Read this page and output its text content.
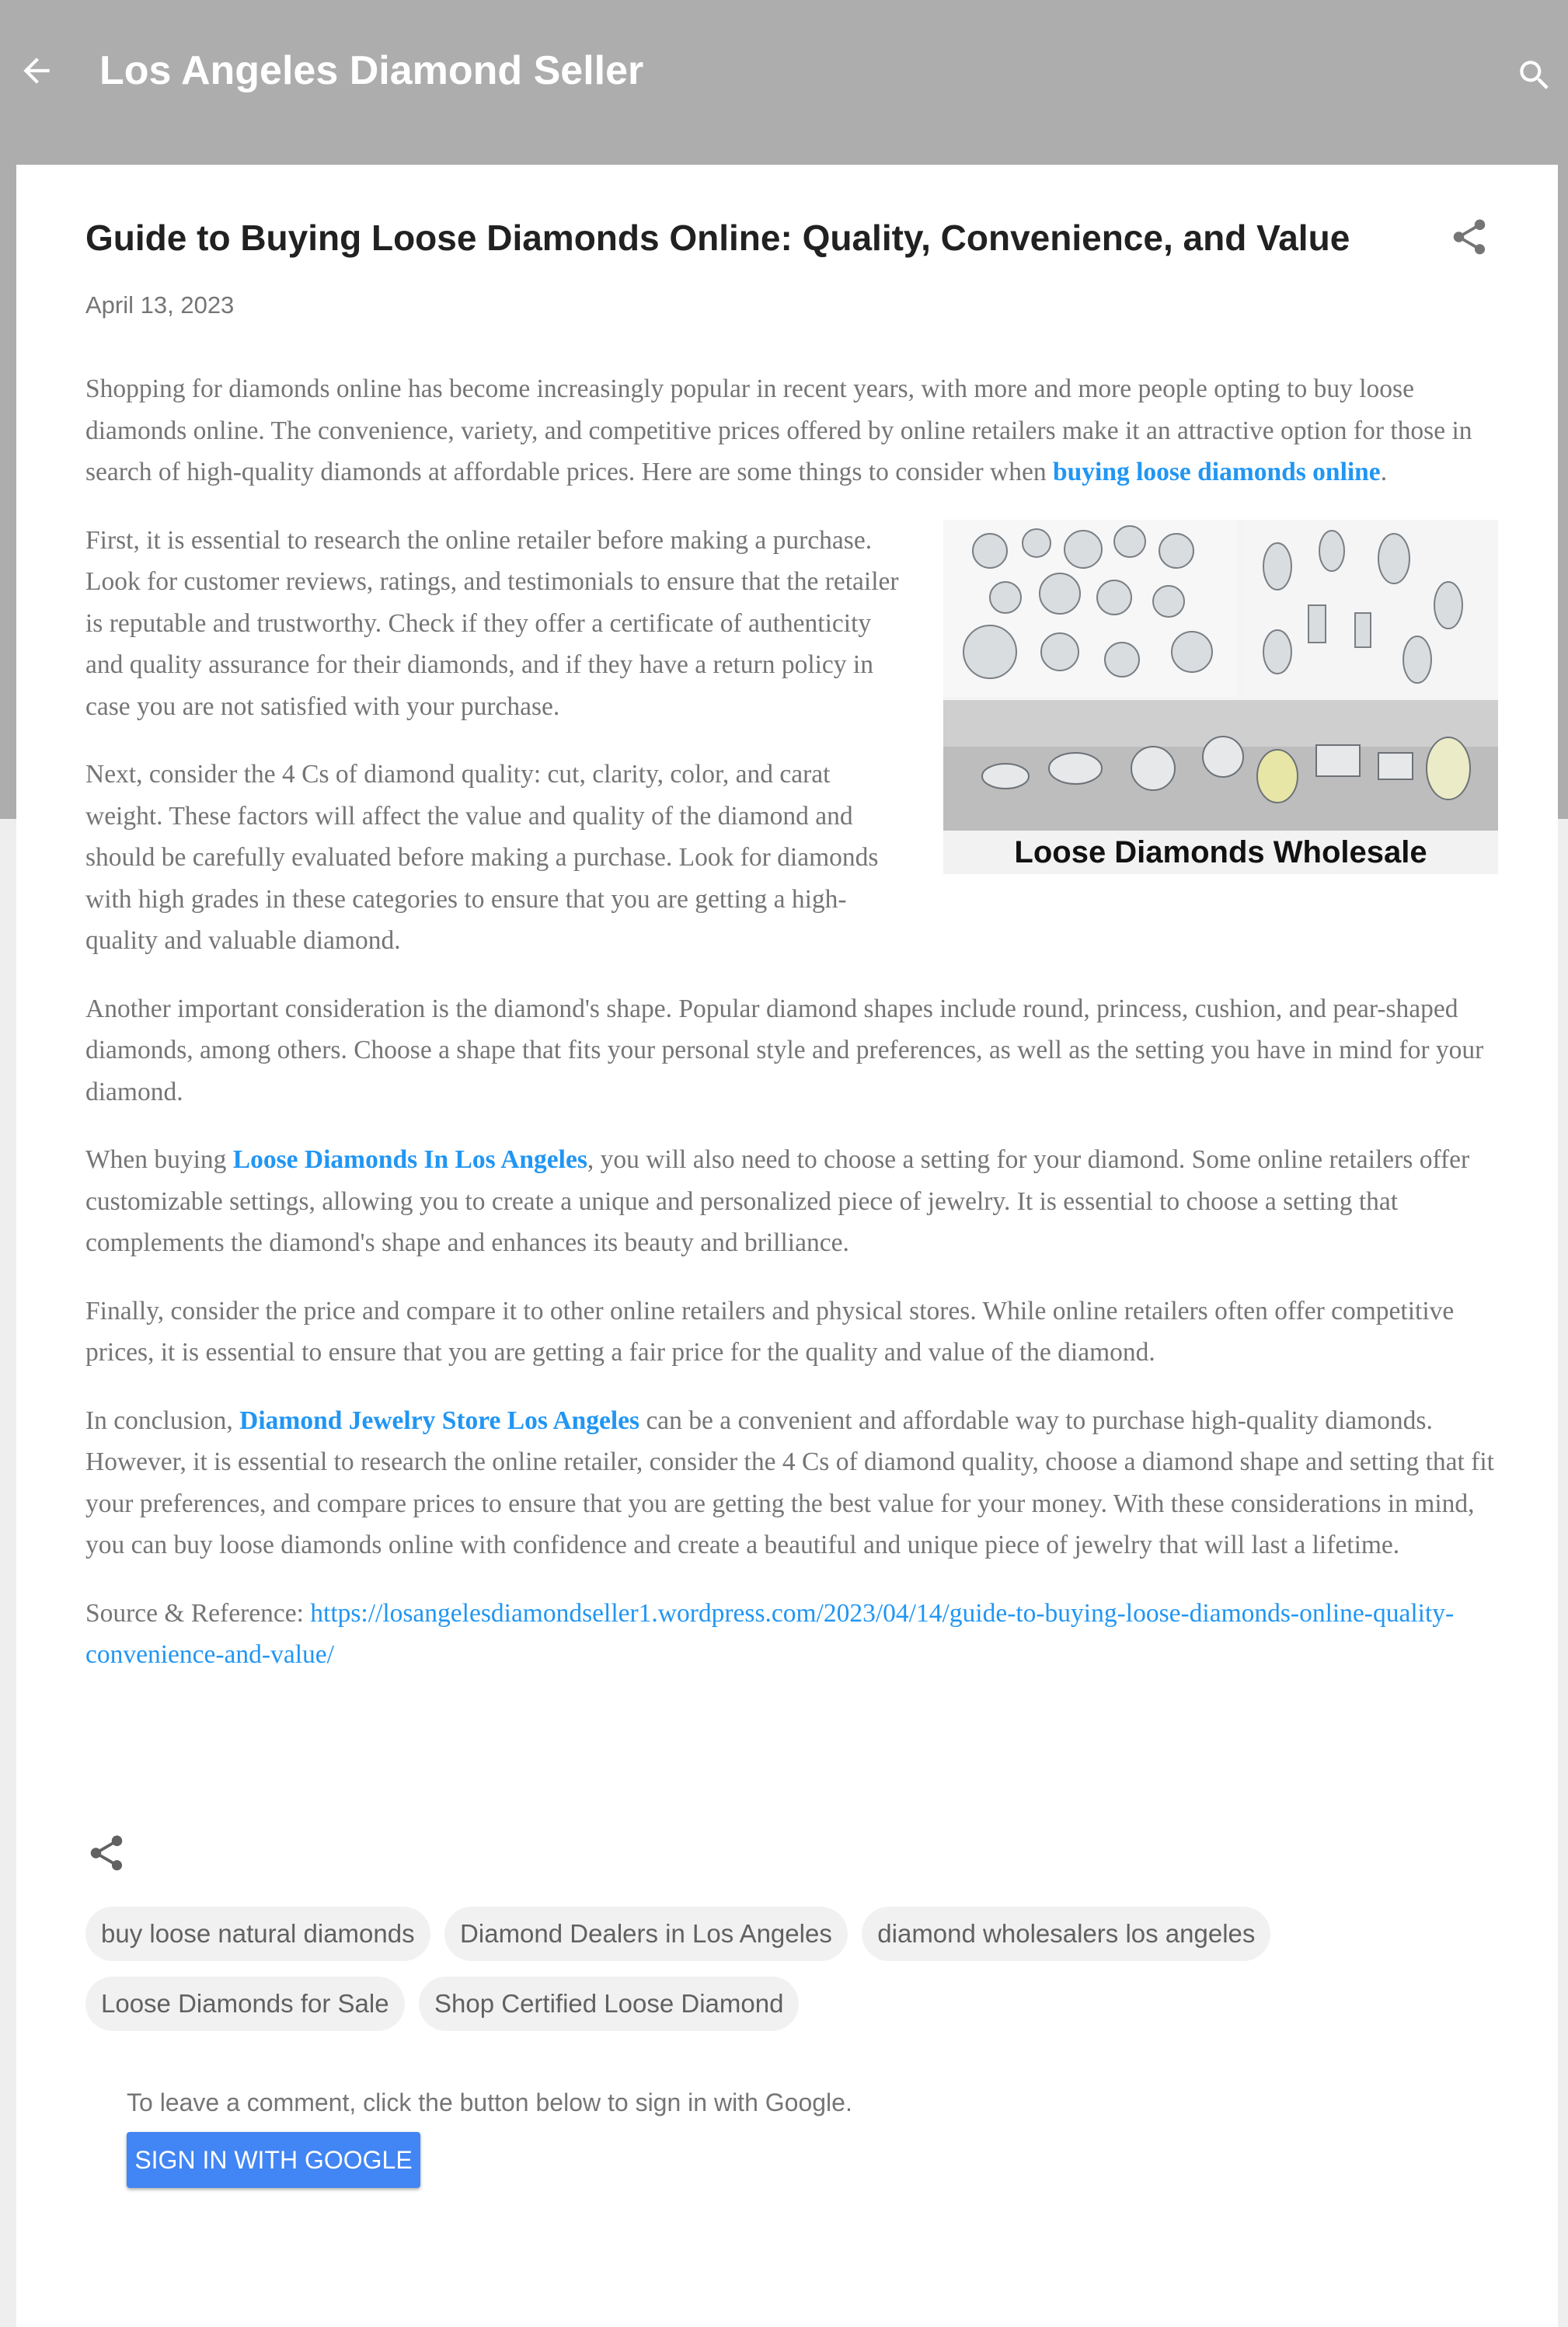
Los Angeles Diamond Seller
Guide to Buying Loose Diamonds Online: Quality, Convenience, and Value
April 13, 2023

Shopping for diamonds online has become increasingly popular in recent years, with more and more people opting to buy loose diamonds online. The convenience, variety, and competitive prices offered by online retailers make it an attractive option for those in search of high-quality diamonds at affordable prices. Here are some things to consider when buying loose diamonds online.

Loose Diamonds Wholesale

First, it is essential to research the online retailer before making a purchase. Look for customer reviews, ratings, and testimonials to ensure that the retailer is reputable and trustworthy. Check if they offer a certificate of authenticity and quality assurance for their diamonds, and if they have a return policy in case you are not satisfied with your purchase.

Next, consider the 4 Cs of diamond quality: cut, clarity, color, and carat weight. These factors will affect the value and quality of the diamond and should be carefully evaluated before making a purchase. Look for diamonds with high grades in these categories to ensure that you are getting a high-quality and valuable diamond.

Another important consideration is the diamond's shape. Popular diamond shapes include round, princess, cushion, and pear-shaped diamonds, among others. Choose a shape that fits your personal style and preferences, as well as the setting you have in mind for your diamond.

When buying Loose Diamonds In Los Angeles, you will also need to choose a setting for your diamond. Some online retailers offer customizable settings, allowing you to create a unique and personalized piece of jewelry. It is essential to choose a setting that complements the diamond's shape and enhances its beauty and brilliance.

Finally, consider the price and compare it to other online retailers and physical stores. While online retailers often offer competitive prices, it is essential to ensure that you are getting a fair price for the quality and value of the diamond.

In conclusion, Diamond Jewelry Store Los Angeles can be a convenient and affordable way to purchase high-quality diamonds. However, it is essential to research the online retailer, consider the 4 Cs of diamond quality, choose a diamond shape and setting that fit your preferences, and compare prices to ensure that you are getting the best value for your money. With these considerations in mind, you can buy loose diamonds online with confidence and create a beautiful and unique piece of jewelry that will last a lifetime.

Source & Reference: https://losangelesdiamondseller1.wordpress.com/2023/04/14/guide-to-buying-loose-diamonds-online-quality-convenience-and-value/

buy loose natural diamonds Diamond Dealers in Los Angeles diamond wholesalers los angeles Loose Diamonds for Sale Shop Certified Loose Diamond
To leave a comment, click the button below to sign in with Google.
SIGN IN WITH GOOGLE
